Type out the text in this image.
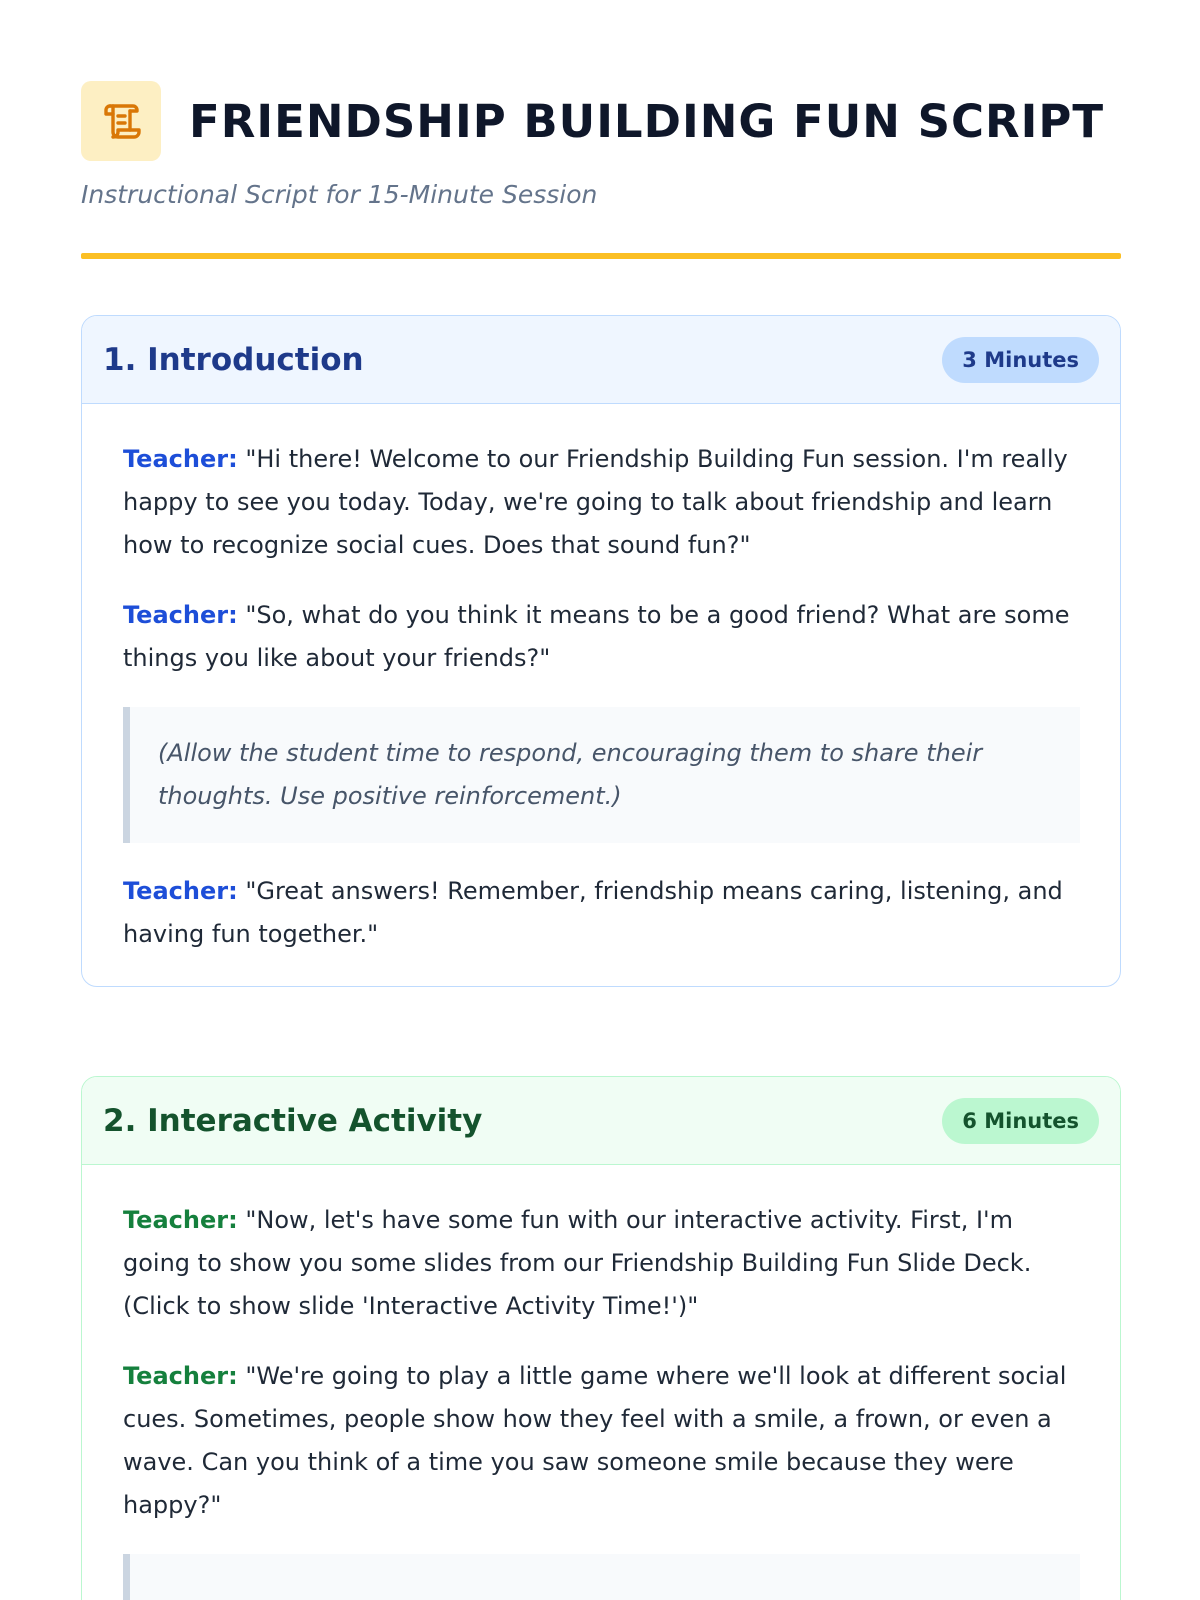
FRIENDSHIP BUILDING FUN SCRIPT

Instructional Script for 15-Minute Session

1. Introduction	3 Minutes

Teacher: "Hi there! Welcome to our Friendship Building Fun session. I'm really happy to see you today. Today, we're going to talk about friendship and learn how to recognize social cues. Does that sound fun?"

Teacher: "So, what do you think it means to be a good friend? What are some things you like about your friends?"

(Allow the student time to respond, encouraging them to share their thoughts. Use positive reinforcement.)

Teacher: "Great answers! Remember, friendship means caring, listening, and having fun together."

2. Interactive Activity	6 Minutes

Teacher: "Now, let's have some fun with our interactive activity. First, I'm going to show you some slides from our Friendship Building Fun Slide Deck. (Click to show slide 'Interactive Activity Time!')"

Teacher: "We're going to play a little game where we'll look at different social cues. Sometimes, people show how they feel with a smile, a frown, or even a wave. Can you think of a time you saw someone smile because they were happy?"
